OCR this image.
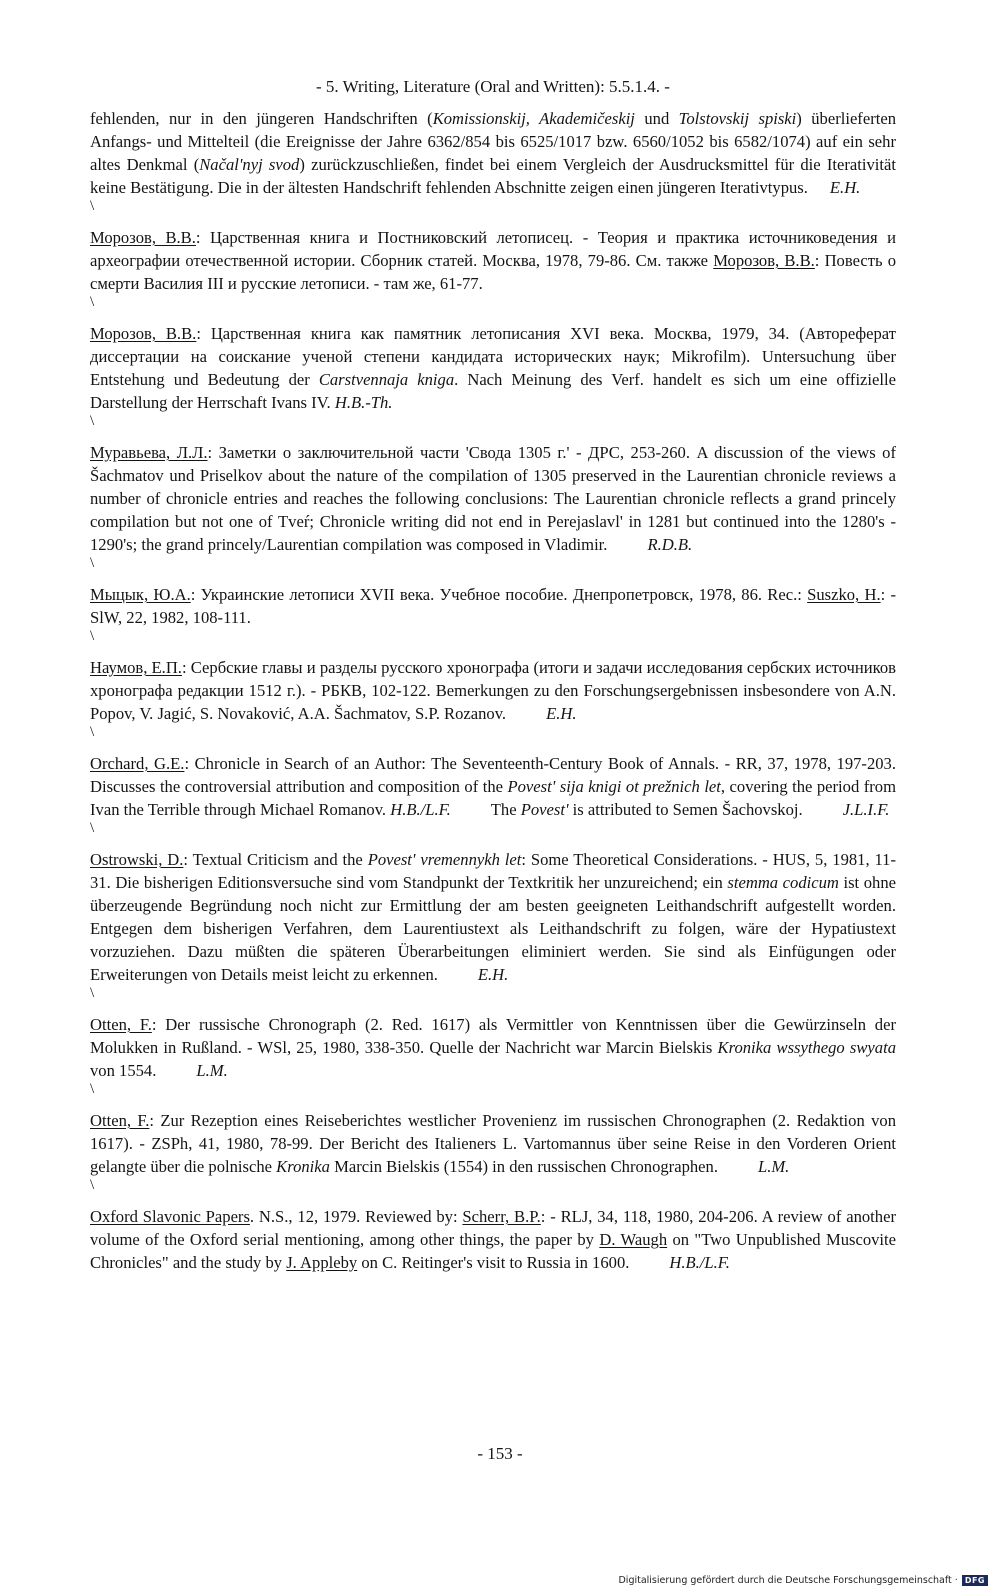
- 5. Writing, Literature (Oral and Written): 5.5.1.4. -

fehlenden, nur in den jüngeren Handschriften (Komissionskij, Akademičeskij und Tolstovskij spiski) überlieferten Anfangs- und Mittelteil (die Ereignisse der Jahre 6362/854 bis 6525/1017 bzw. 6560/1052 bis 6582/1074) auf ein sehr altes Denkmal (Načal'nyj svod) zurückzuschließen, findet bei einem Vergleich der Ausdrucksmittel für die Iterativität keine Bestätigung. Die in der ältesten Handschrift fehlenden Abschnitte zeigen einen jüngeren Iterativtypus. E.H.

\

Морозов, В.В.: Царственная книга и Постниковский летописец. - Теория и практика источниковедения и археографии отечественной истории. Сборник статей. Москва, 1978, 79-86. См. также Морозов, В.В.: Повесть о смерти Василия III и русские летописи. - там же, 61-77.

\

Морозов, В.В.: Царственная книга как памятник летописания XVI века. Москва, 1979, 34. (Автореферат диссертации на соискание ученой степени кандидата исторических наук; Mikrofilm). Untersuchung über Entstehung und Bedeutung der Carstvennaja kniga. Nach Meinung des Verf. handelt es sich um eine offizielle Darstellung der Herrschaft Ivans IV. H.B.-Th.

\

Муравьева, Л.Л.: Заметки о заключительной части 'Свода 1305 г.' - ДРС, 253-260. A discussion of the views of Šachmatov und Priselkov about the nature of the compilation of 1305 preserved in the Laurentian chronicle reviews a number of chronicle entries and reaches the following conclusions: The Laurentian chronicle reflects a grand princely compilation but not one of Tveŕ; Chronicle writing did not end in Perejaslavl' in 1281 but continued into the 1280's - 1290's; the grand princely/Laurentian compilation was composed in Vladimir. R.D.B.

\

Мыцык, Ю.А.: Украинские летописи XVII века. Учебное пособие. Днепропетровск, 1978, 86. Rec.: Suszko, H.: - SlW, 22, 1982, 108-111.

\

Наумов, Е.П.: Сербские главы и разделы русского хронографа (итоги и задачи исследования сербских источников хронографа редакции 1512 г.). - РБКВ, 102-122. Bemerkungen zu den Forschungsergebnissen insbesondere von A.N. Popov, V. Jagić, S. Novaković, A.A. Šachmatov, S.P. Rozanov. E.H.

\

Orchard, G.E.: Chronicle in Search of an Author: The Seventeenth-Century Book of Annals. - RR, 37, 1978, 197-203. Discusses the controversial attribution and composition of the Povest' sija knigi ot prežnich let, covering the period from Ivan the Terrible through Michael Romanov. H.B./L.F. The Povest' is attributed to Semen Šachovskoj. J.L.I.F.

\

Ostrowski, D.: Textual Criticism and the Povest' vremennykh let: Some Theoretical Considerations. - HUS, 5, 1981, 11-31. Die bisherigen Editionsversuche sind vom Standpunkt der Textkritik her unzureichend; ein stemma codicum ist ohne überzeugende Begründung noch nicht zur Ermittlung der am besten geeigneten Leithandschrift aufgestellt worden. Entgegen dem bisherigen Verfahren, dem Laurentiustext als Leithandschrift zu folgen, wäre der Hypatiustext vorzuziehen. Dazu müßten die späteren Überarbeitungen eliminiert werden. Sie sind als Einfügungen oder Erweiterungen von Details meist leicht zu erkennen. E.H.

\

Otten, F.: Der russische Chronograph (2. Red. 1617) als Vermittler von Kenntnissen über die Gewürzinseln der Molukken in Rußland. - WSl, 25, 1980, 338-350. Quelle der Nachricht war Marcin Bielskis Kronika wssythego swyata von 1554. L.M.

\

Otten, F.: Zur Rezeption eines Reiseberichtes westlicher Provenienz im russischen Chronographen (2. Redaktion von 1617). - ZSPh, 41, 1980, 78-99. Der Bericht des Italieners L. Vartomannus über seine Reise in den Vorderen Orient gelangte über die polnische Kronika Marcin Bielskis (1554) in den russischen Chronographen. L.M.

\

Oxford Slavonic Papers. N.S., 12, 1979. Reviewed by: Scherr, B.P.: - RLJ, 34, 118, 1980, 204-206. A review of another volume of the Oxford serial mentioning, among other things, the paper by D. Waugh on "Two Unpublished Muscovite Chronicles" and the study by J. Appleby on C. Reitinger's visit to Russia in 1600. H.B./L.F.

- 153 -
Digitalisierung gefördert durch die Deutsche Forschungsgemeinschaft · DFG
